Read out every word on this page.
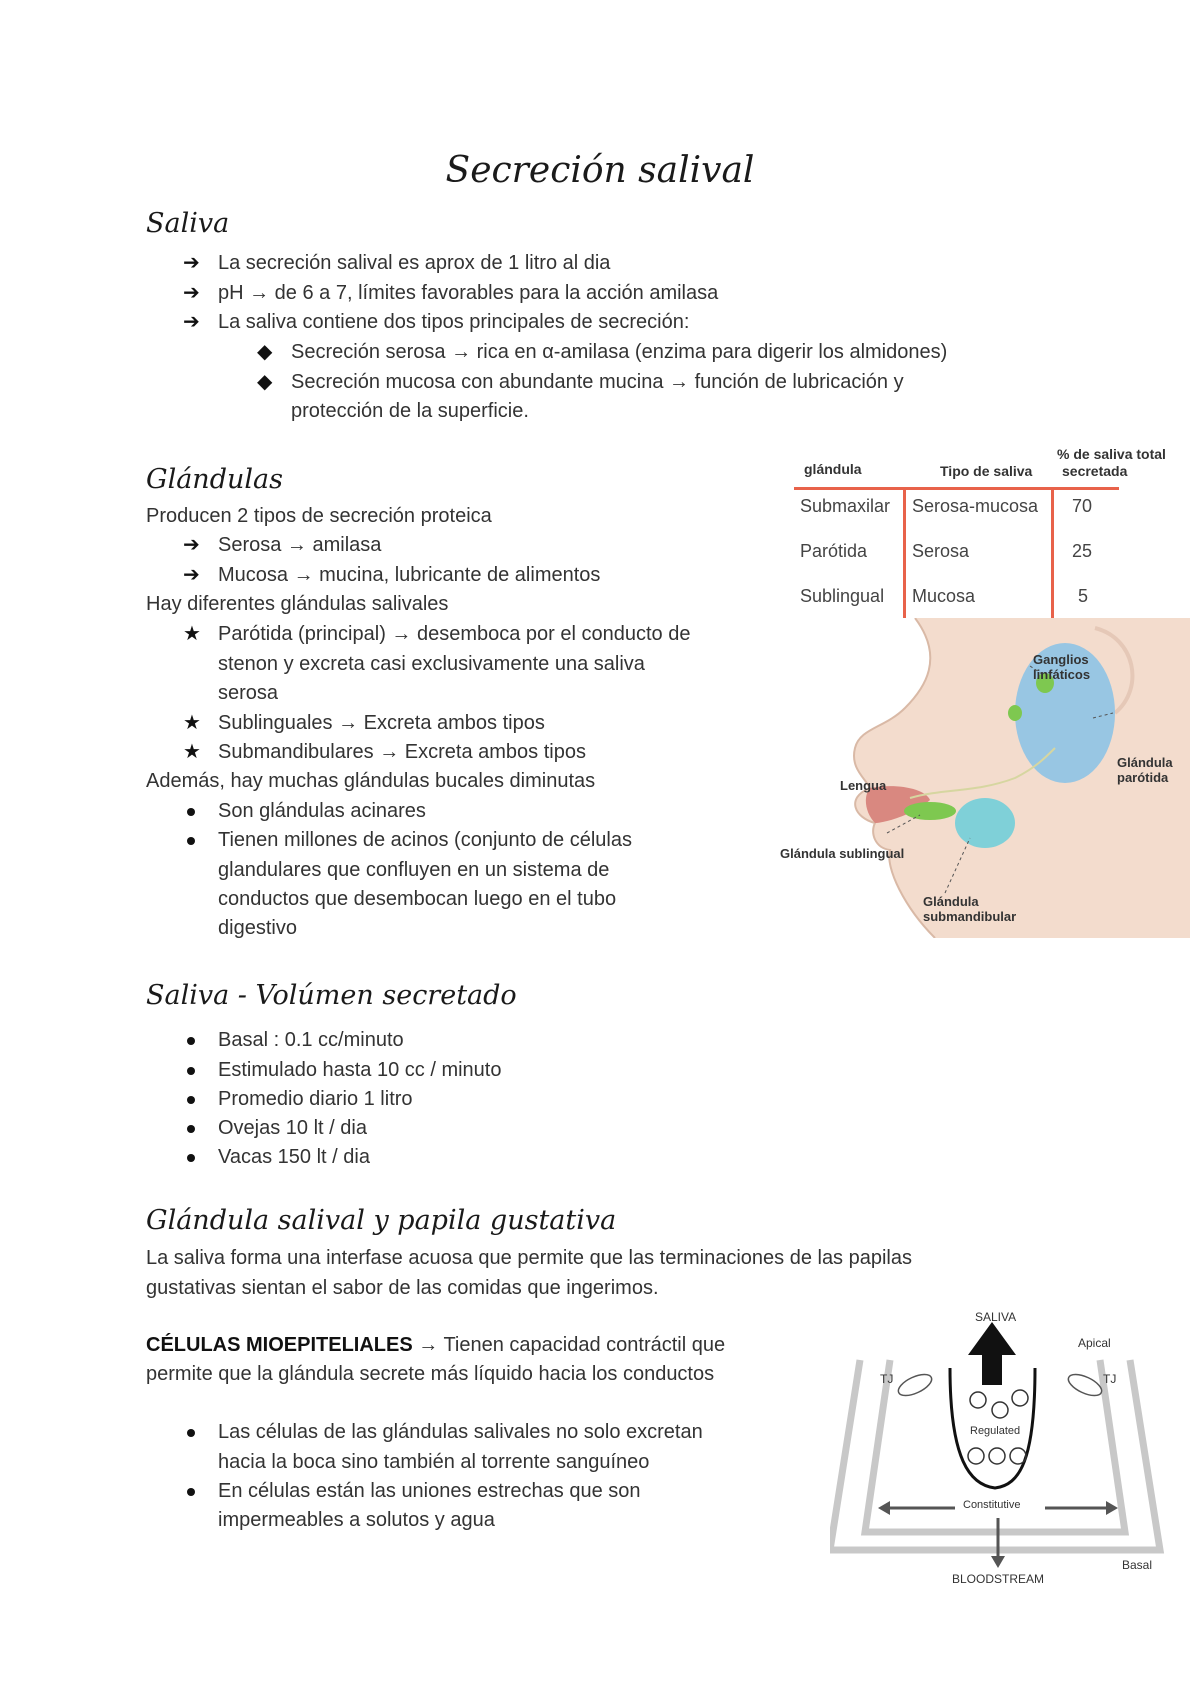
Secreción salival
Saliva
➔ La secreción salival es aprox de 1 litro al dia
➔ pH → de 6 a 7, límites favorables para la acción amilasa
➔ La saliva contiene dos tipos principales de secreción:
◆ Secreción serosa → rica en α-amilasa (enzima para digerir los almidones)
◆ Secreción mucosa con abundante mucina → función de lubricación y
protección de la superficie.
Glándulas
Producen 2 tipos de secreción proteica
➔ Serosa → amilasa
➔ Mucosa → mucina, lubricante de alimentos
Hay diferentes glándulas salivales
★ Parótida (principal) → desemboca por el conducto de
stenon y excreta casi exclusivamente una saliva
serosa
★ Sublinguales → Excreta ambos tipos
★ Submandibulares → Excreta ambos tipos
Además, hay muchas glándulas bucales diminutas
Son glándulas acinares
Tienen millones de acinos (conjunto de células
glandulares que confluyen en un sistema de
conductos que desembocan luego en el tubo
digestivo
glándula	Tipo de saliva
% de saliva total
secretada
Submaxilar Serosa-mucosa 70
Parótida Serosa	25
Sublingual Mucosa	5
Ganglios
linfáticos
Glándula
parótida
Lengua
Glándula sublingual
Glándula
submandibular
Saliva - Volúmen secretado
Basal : 0.1 cc/minuto
Estimulado hasta 10 cc / minuto
Promedio diario 1 litro
Ovejas 10 lt / dia
Vacas 150 lt / dia
Glándula salival y papila gustativa
La saliva forma una interfase acuosa que permite que las terminaciones de las papilas
gustativas sientan el sabor de las comidas que ingerimos.
CÉLULAS MIOEPITELIALES → Tienen capacidad contráctil que
permite que la glándula secrete más líquido hacia los conductos
Las células de las glándulas salivales no solo excretan
hacia la boca sino también al torrente sanguíneo
En células están las uniones estrechas que son
impermeables a solutos y agua
SALIVA
Apical
TJ	TJ
Regulated
Constitutive
Basal
BLOODSTREAM
